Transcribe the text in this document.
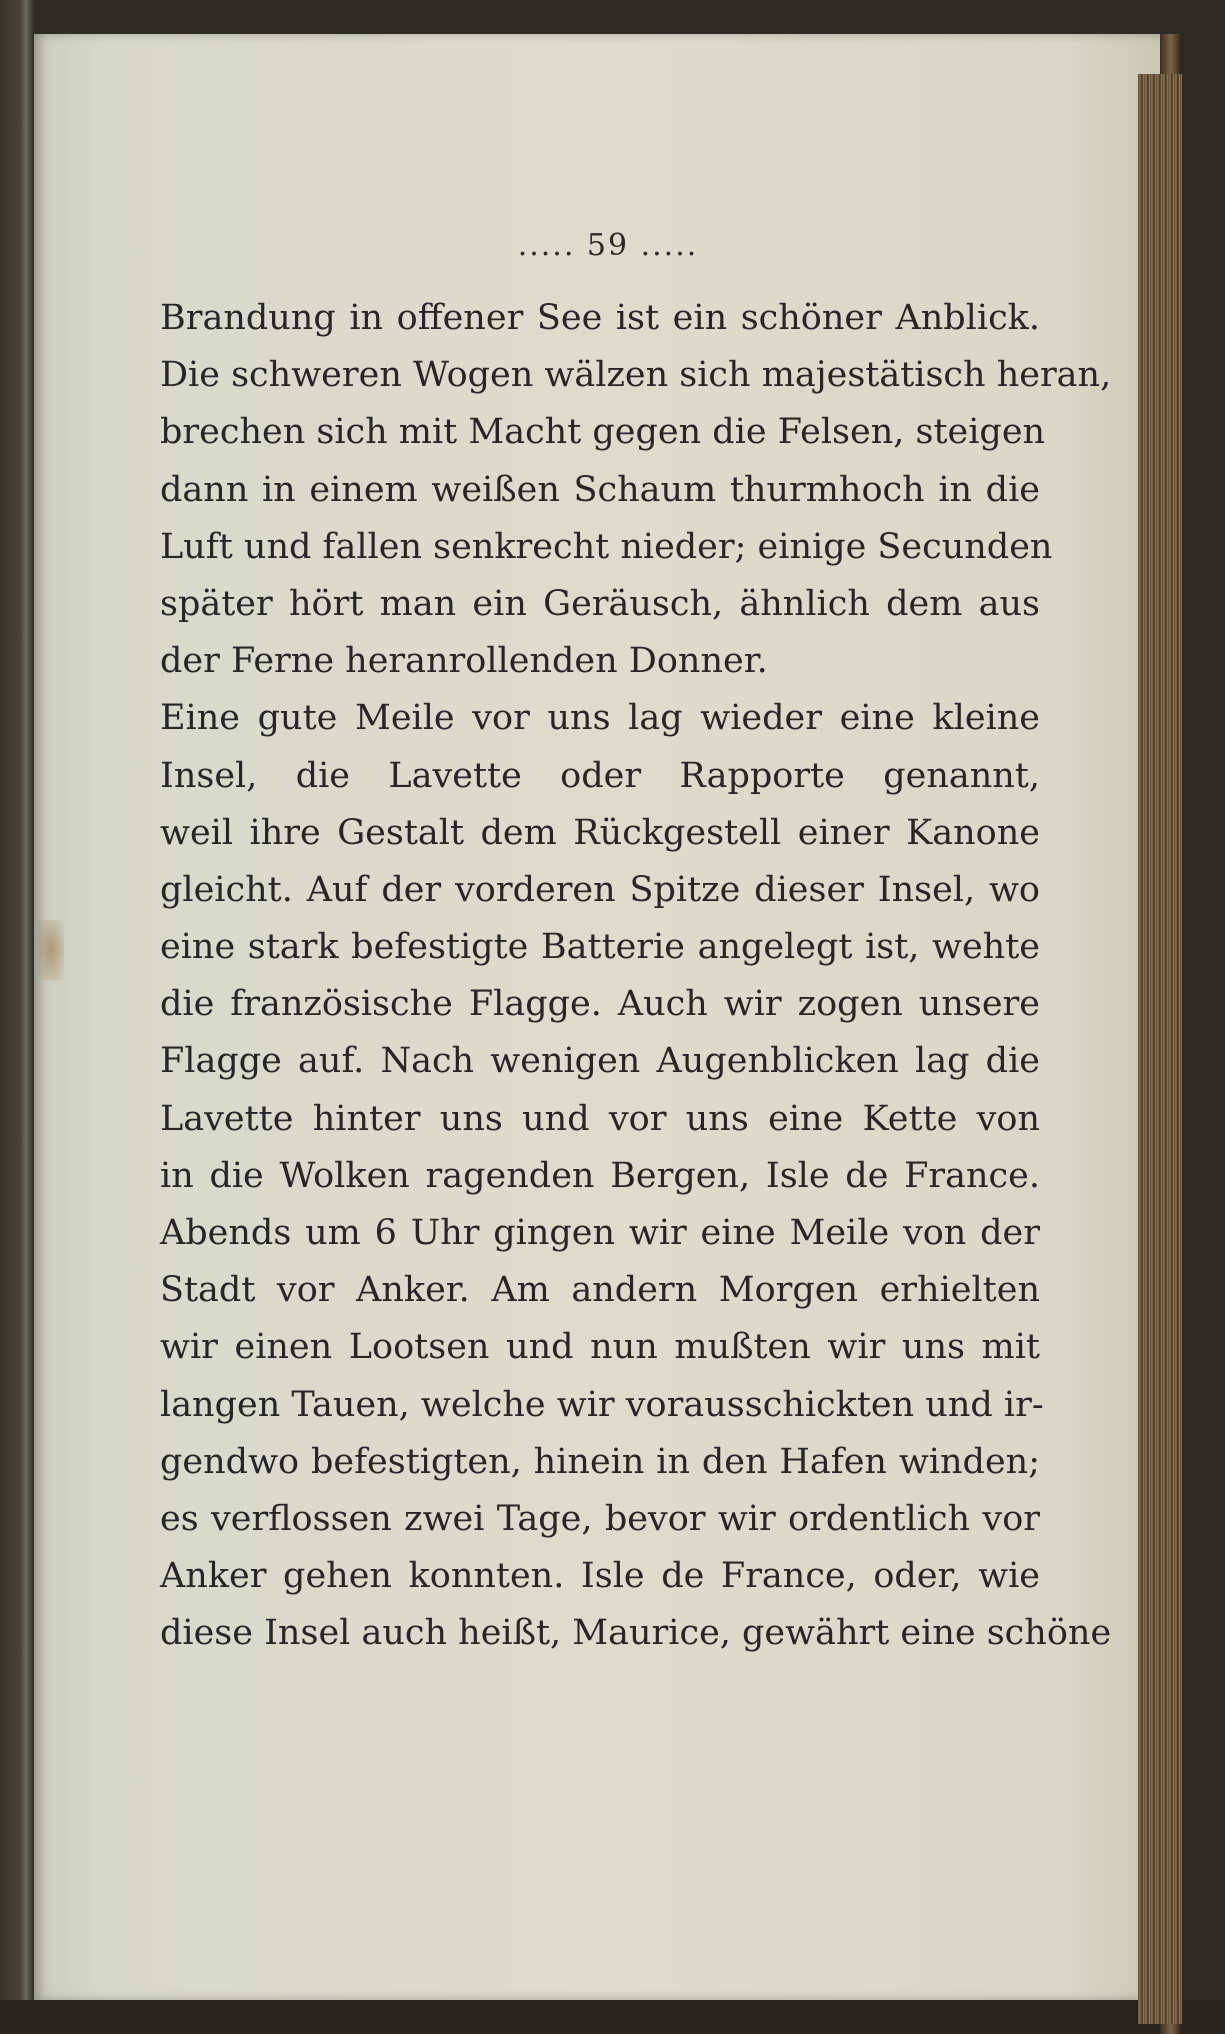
..... 59 .....
Brandung in offener See ist ein schöner Anblick.
Die schweren Wogen wälzen sich majestätisch heran,
brechen sich mit Macht gegen die Felsen, steigen
dann in einem weißen Schaum thurmhoch in die
Luft und fallen senkrecht nieder; einige Secunden
später hört man ein Geräusch, ähnlich dem aus
der Ferne heranrollenden Donner.
Eine gute Meile vor uns lag wieder eine kleine
Insel, die Lavette oder Rapporte genannt,
weil ihre Gestalt dem Rückgestell einer Kanone
gleicht. Auf der vorderen Spitze dieser Insel, wo
eine stark befestigte Batterie angelegt ist, wehte
die französische Flagge. Auch wir zogen unsere
Flagge auf. Nach wenigen Augenblicken lag die
Lavette hinter uns und vor uns eine Kette von
in die Wolken ragenden Bergen, Isle de France.
Abends um 6 Uhr gingen wir eine Meile von der
Stadt vor Anker. Am andern Morgen erhielten
wir einen Lootsen und nun mußten wir uns mit
langen Tauen, welche wir vorausschickten und ir-
gendwo befestigten, hinein in den Hafen winden;
es verflossen zwei Tage, bevor wir ordentlich vor
Anker gehen konnten. Isle de France, oder, wie
diese Insel auch heißt, Maurice, gewährt eine schöne
